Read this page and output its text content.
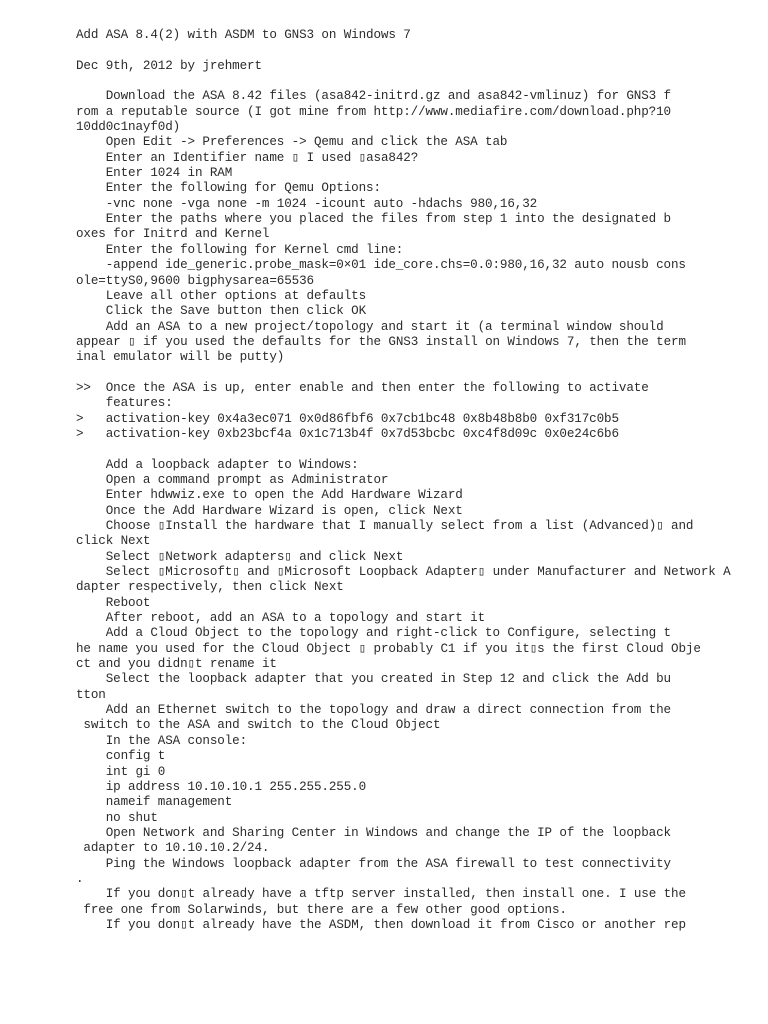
Add ASA 8.4(2) with ASDM to GNS3 on Windows 7
Dec 9th, 2012 by jrehmert
Download the ASA 8.42 files (asa842-initrd.gz and asa842-vmlinuz) for GNS3 f
rom a reputable source (I got mine from http://www.mediafire.com/download.php?10
10dd0c1nayf0d)
Open Edit -> Preferences -> Qemu and click the ASA tab
Enter an Identifier name ▯ I used ▯asa842?
Enter 1024 in RAM
Enter the following for Qemu Options:
-vnc none -vga none -m 1024 -icount auto -hdachs 980,16,32
Enter the paths where you placed the files from step 1 into the designated b
oxes for Initrd and Kernel
Enter the following for Kernel cmd line:
-append ide_generic.probe_mask=0×01 ide_core.chs=0.0:980,16,32 auto nousb cons
ole=ttyS0,9600 bigphysarea=65536
Leave all other options at defaults
Click the Save button then click OK
Add an ASA to a new project/topology and start it (a terminal window should
appear ▯ if you used the defaults for the GNS3 install on Windows 7, then the term
inal emulator will be putty)
>>  Once the ASA is up, enter enable and then enter the following to activate
features:
>   activation-key 0x4a3ec071 0x0d86fbf6 0x7cb1bc48 0x8b48b8b0 0xf317c0b5
>   activation-key 0xb23bcf4a 0x1c713b4f 0x7d53bcbc 0xc4f8d09c 0x0e24c6b6
Add a loopback adapter to Windows:
Open a command prompt as Administrator
Enter hdwwiz.exe to open the Add Hardware Wizard
Once the Add Hardware Wizard is open, click Next
Choose ▯Install the hardware that I manually select from a list (Advanced)▯ and
click Next
Select ▯Network adapters▯ and click Next
Select ▯Microsoft▯ and ▯Microsoft Loopback Adapter▯ under Manufacturer and Network A
dapter respectively, then click Next
Reboot
After reboot, add an ASA to a topology and start it
Add a Cloud Object to the topology and right-click to Configure, selecting t
he name you used for the Cloud Object ▯ probably C1 if you it▯s the first Cloud Obje
ct and you didn▯t rename it
Select the loopback adapter that you created in Step 12 and click the Add bu
tton
Add an Ethernet switch to the topology and draw a direct connection from the
switch to the ASA and switch to the Cloud Object
In the ASA console:
config t
int gi 0
ip address 10.10.10.1 255.255.255.0
nameif management
no shut
Open Network and Sharing Center in Windows and change the IP of the loopback
adapter to 10.10.10.2/24.
Ping the Windows loopback adapter from the ASA firewall to test connectivity
.
If you don▯t already have a tftp server installed, then install one. I use the
free one from Solarwinds, but there are a few other good options.
If you don▯t already have the ASDM, then download it from Cisco or another rep
